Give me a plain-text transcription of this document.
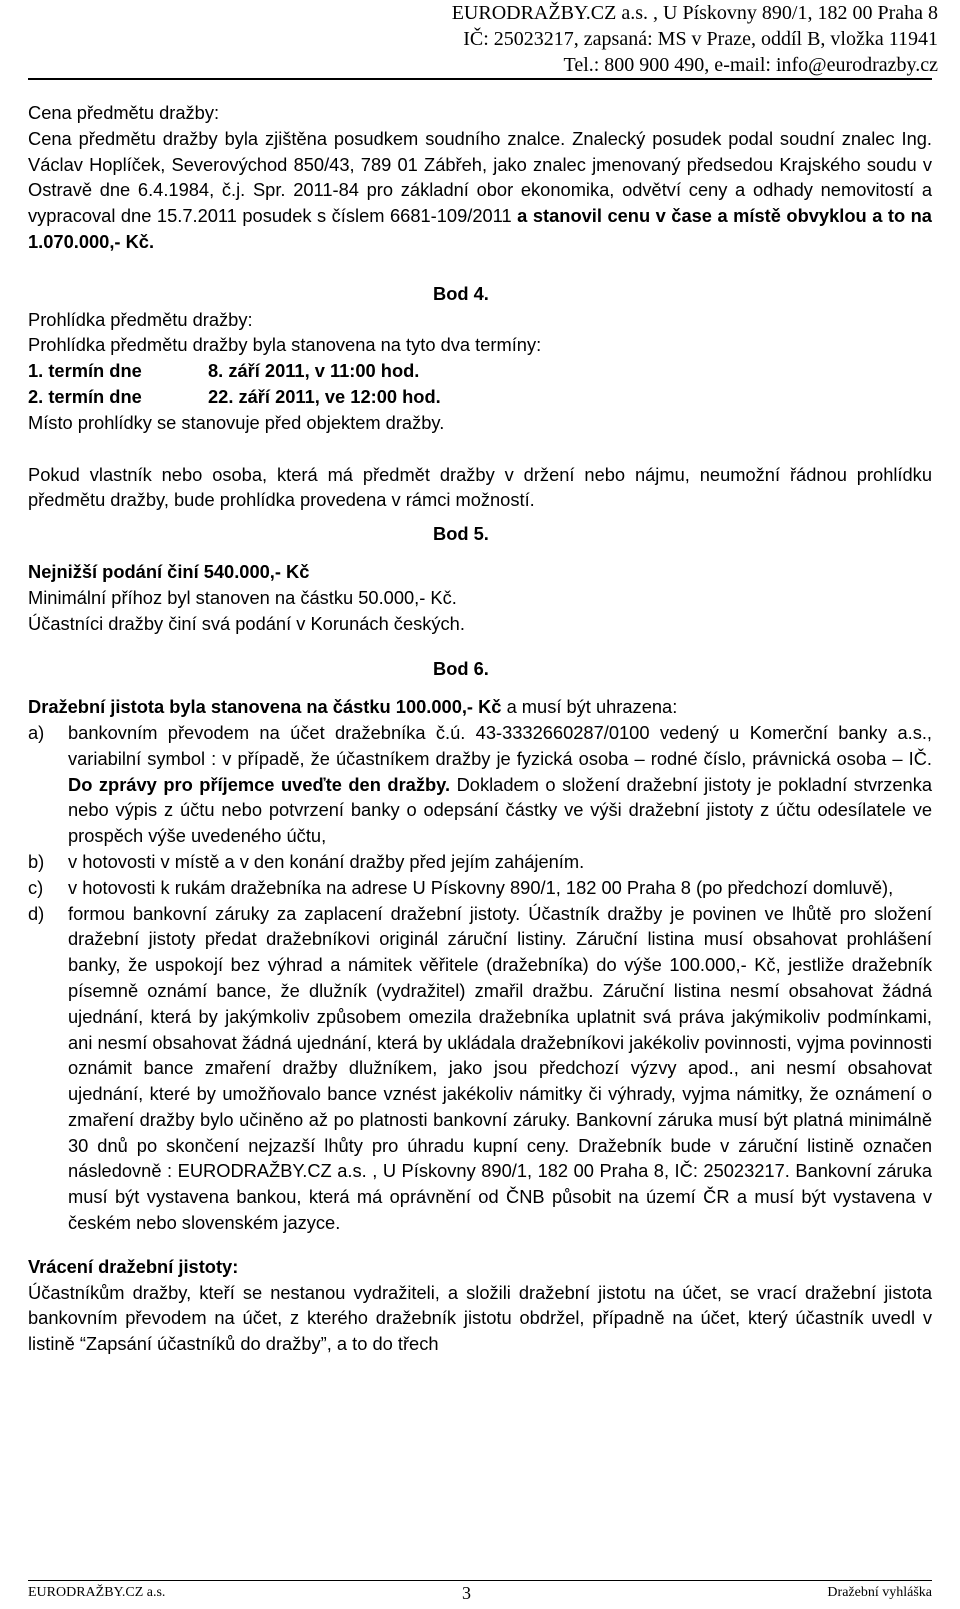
EURODRAŽBY.CZ a.s. , U Pískovny 890/1, 182 00 Praha 8
IČ: 25023217, zapsaná: MS v Praze, oddíl B, vložka 11941
Tel.: 800 900 490, e-mail: info@eurodrazby.cz

Cena předmětu dražby:

Cena předmětu dražby byla zjištěna posudkem soudního znalce. Znalecký posudek podal soudní znalec Ing. Václav Hoplíček, Severovýchod 850/43, 789 01 Zábřeh, jako znalec jmenovaný předsedou Krajského soudu v Ostravě dne 6.4.1984, č.j. Spr. 2011-84 pro základní obor ekonomika, odvětví ceny a odhady nemovitostí a vypracoval dne 15.7.2011 posudek s číslem 6681-109/2011 a stanovil cenu v čase a místě obvyklou a to na 1.070.000,- Kč.

Bod 4.

Prohlídka předmětu dražby:

Prohlídka předmětu dražby byla stanovena na tyto dva termíny:

1. termín dne	8. září 2011, v 11:00 hod.
2. termín dne	22. září 2011, ve 12:00 hod.

Místo prohlídky se stanovuje před objektem dražby.

Pokud vlastník nebo osoba, která má předmět dražby v držení nebo nájmu, neumožní řádnou prohlídku předmětu dražby, bude prohlídka provedena v rámci možností.

Bod 5.

Nejnižší podání činí 540.000,- Kč

Minimální příhoz byl stanoven na částku 50.000,- Kč.

Účastníci dražby činí svá podání v Korunách českých.

Bod 6.

Dražební jistota byla stanovena na částku 100.000,- Kč a musí být uhrazena:

a)	bankovním převodem na účet dražebníka č.ú. 43-3332660287/0100 vedený u Komerční banky a.s., variabilní symbol : v případě, že účastníkem dražby je fyzická osoba – rodné číslo, právnická osoba – IČ. Do zprávy pro příjemce uveďte den dražby. Dokladem o složení dražební jistoty je pokladní stvrzenka nebo výpis z účtu nebo potvrzení banky o odepsání částky ve výši dražební jistoty z účtu odesílatele ve prospěch výše uvedeného účtu,
b)	v hotovosti v místě a v den konání dražby před jejím zahájením.
c)	v hotovosti k rukám dražebníka na adrese U Pískovny 890/1, 182 00 Praha 8 (po předchozí domluvě),
d)	formou bankovní záruky za zaplacení dražební jistoty. Účastník dražby je povinen ve lhůtě pro složení dražební jistoty předat dražebníkovi originál záruční listiny. Záruční listina musí obsahovat prohlášení banky, že uspokojí bez výhrad a námitek věřitele (dražebníka) do výše 100.000,- Kč, jestliže dražebník písemně oznámí bance, že dlužník (vydražitel) zmařil dražbu. Záruční listina nesmí obsahovat žádná ujednání, která by jakýmkoliv způsobem omezila dražebníka uplatnit svá práva jakýmikoliv podmínkami, ani nesmí obsahovat žádná ujednání, která by ukládala dražebníkovi jakékoliv povinnosti, vyjma povinnosti oznámit bance zmaření dražby dlužníkem, jako jsou předchozí výzvy apod., ani nesmí obsahovat ujednání, které by umožňovalo bance vznést jakékoliv námitky či výhrady, vyjma námitky, že oznámení o zmaření dražby bylo učiněno až po platnosti bankovní záruky. Bankovní záruka musí být platná minimálně 30 dnů po skončení nejzazší lhůty pro úhradu kupní ceny. Dražebník bude v záruční listině označen následovně : EURODRAŽBY.CZ a.s. , U Pískovny 890/1, 182 00 Praha 8, IČ: 25023217. Bankovní záruka musí být vystavena bankou, která má oprávnění od ČNB působit na území ČR a musí být vystavena v českém nebo slovenském jazyce.

Vrácení dražební jistoty:

Účastníkům dražby, kteří se nestanou vydražiteli, a složili dražební jistotu na účet, se vrací dražební jistota bankovním převodem na účet, z kterého dražebník jistotu obdržel, případně na účet, který účastník uvedl v listině “Zapsání účastníků do dražby”, a to do třech

EURODRAŽBY.CZ a.s.	3	Dražební vyhláška
